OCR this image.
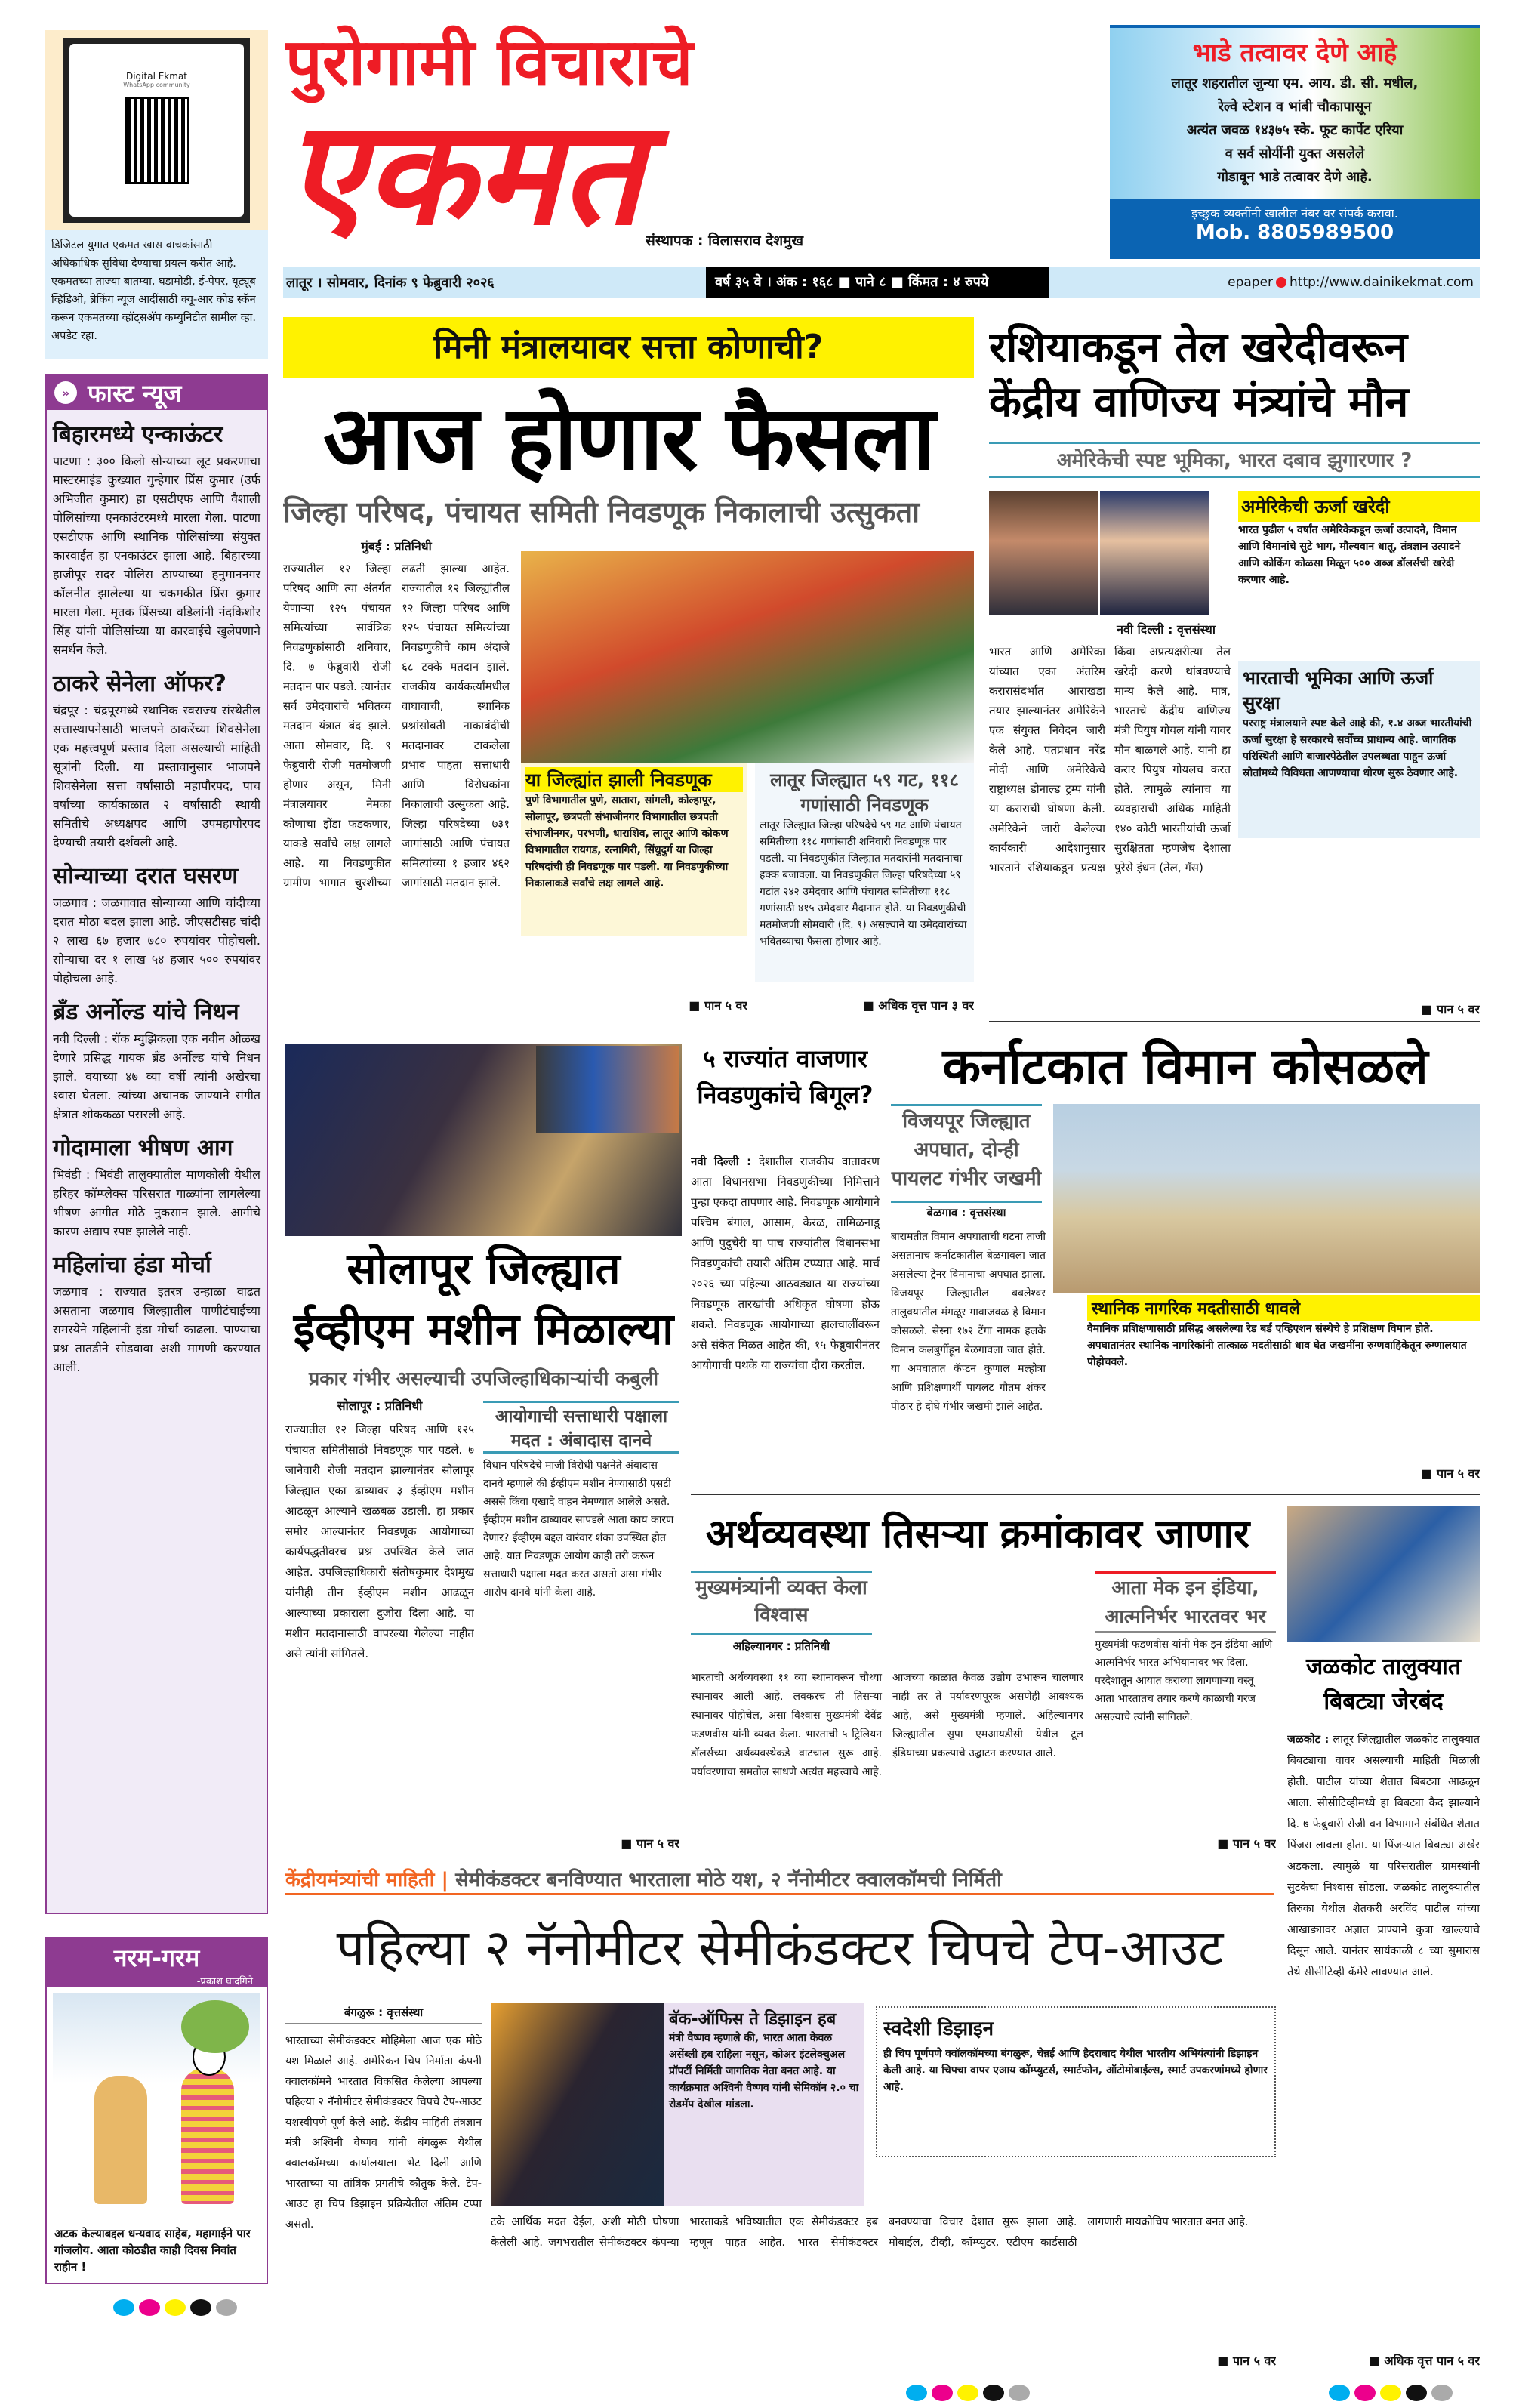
Digital Ekmat
WhatsApp community
डिजिटल युगात एकमत खास वाचकांसाठी अधिकाधिक सुविधा देण्याचा प्रयत्न करीत आहे. एकमतच्या ताज्या बातम्या, घडामोडी, ई-पेपर, यूट्यूब व्हिडिओ, ब्रेकिंग न्यूज आदींसाठी क्यू-आर कोड स्कॅन करून एकमतच्या व्हॉट्सअ‍ॅप कम्युनिटीत सामील व्हा. अपडेट रहा.
» फास्ट न्यूज
बिहारमध्ये एन्काऊंटर

पाटणा : ३०० किलो सोन्याच्या लूट प्रकरणाचा मास्टरमाइंड कुख्यात गुन्हेगार प्रिंस कुमार (उर्फ अभिजीत कुमार) हा एसटीएफ आणि वैशाली पोलिसांच्या एनकाउंटरमध्ये मारला गेला. पाटणा एसटीएफ आणि स्थानिक पोलिसांच्या संयुक्त कारवाईत हा एनकाउंटर झाला आहे. बिहारच्या हाजीपूर सदर पोलिस ठाण्याच्या हनुमाननगर कॉलनीत झालेल्या या चकमकीत प्रिंस कुमार मारला गेला. मृतक प्रिंसच्या वडिलांनी नंदकिशोर सिंह यांनी पोलिसांच्या या कारवाईचे खुलेपणाने समर्थन केले.

ठाकरे सेनेला ऑफर?

चंद्रपूर : चंद्रपूरमध्ये स्थानिक स्वराज्य संस्थेतील सत्तास्थापनेसाठी भाजपने ठाकरेंच्या शिवसेनेला एक महत्त्वपूर्ण प्रस्ताव दिला असल्याची माहिती सूत्रांनी दिली. या प्रस्तावानुसार भाजपने शिवसेनेला सत्ता वर्षांसाठी महापौरपद, पाच वर्षांच्या कार्यकाळात २ वर्षांसाठी स्थायी समितीचे अध्यक्षपद आणि उपमहापौरपद देण्याची तयारी दर्शवली आहे.

सोन्याच्या दरात घसरण

जळगाव : जळगावात सोन्याच्या आणि चांदीच्या दरात मोठा बदल झाला आहे. जीएसटीसह चांदी २ लाख ६७ हजार ७८० रुपयांवर पोहोचली. सोन्याचा दर १ लाख ५४ हजार ५०० रुपयांवर पोहोचला आहे.

ब्रँड अर्नोल्ड यांचे निधन

नवी दिल्ली : रॉक म्युझिकला एक नवीन ओळख देणारे प्रसिद्ध गायक ब्रँड अर्नोल्ड यांचे निधन झाले. वयाच्या ४७ व्या वर्षी त्यांनी अखेरचा श्वास घेतला. त्यांच्या अचानक जाण्याने संगीत क्षेत्रात शोककळा पसरली आहे.

गोदामाला भीषण आग

भिवंडी : भिवंडी तालुक्यातील माणकोली येथील हरिहर कॉम्प्लेक्स परिसरात गाळ्यांना लागलेल्या भीषण आगीत मोठे नुकसान झाले. आगीचे कारण अद्याप स्पष्ट झालेले नाही.

महिलांचा हंडा मोर्चा

जळगाव : राज्यात इतरत्र उन्हाळा वाढत असताना जळगाव जिल्ह्यातील पाणीटंचाईच्या समस्येने महिलांनी हंडा मोर्चा काढला. पाण्याचा प्रश्न तातडीने सोडवावा अशी मागणी करण्यात आली.

नरम-गरम
-प्रकाश घादगिने
अटक केल्याबद्दल धन्यवाद साहेब, महागाईने पार गांजलोय. आता कोठडीत काही दिवस निवांत राहीन !
पुरोगामी विचाराचे
एकमत संस्थापक : विलासराव देशमुख
भाडे तत्वावर देणे आहे
लातूर शहरातील जुन्या एम. आय. डी. सी. मधील,
रेल्वे स्टेशन व भांबी चौकापासून
अत्यंत जवळ १४३७५ स्के. फूट कार्पेट एरिया
व सर्व सोयींनी युक्त असलेले
गोडावून भाडे तत्वावर देणे आहे.
इच्छुक व्यक्तींनी खालील नंबर वर संपर्क करावा.
Mob. 8805989500
लातूर । सोमवार, दिनांक ९ फेब्रुवारी २०२६	वर्ष ३५ वे । अंक : १६८ ■ पाने ८ ■ किंमत : ४ रुपये	epaper http://www.dainikekmat.com
मिनी मंत्रालयावर सत्ता कोणाची?
आज होणार फैसला
जिल्हा परिषद, पंचायत समिती निवडणूक निकालाची उत्सुकता
मुंबई : प्रतिनिधी
राज्यातील १२ जिल्हा परिषद आणि त्या अंतर्गत येणाऱ्या १२५ पंचायत समित्यांच्या सार्वत्रिक निवडणुकांसाठी शनिवार, दि. ७ फेब्रुवारी रोजी मतदान पार पडले. त्यानंतर सर्व उमेदवारांचे भवितव्य मतदान यंत्रात बंद झाले. आता सोमवार, दि. ९ फेब्रुवारी रोजी मतमोजणी होणार असून, मिनी मंत्रालयावर नेमका कोणाचा झेंडा फडकणार, याकडे सर्वांचे लक्ष लागले आहे. या निवडणुकीत ग्रामीण भागात चुरशीच्या लढती झाल्या आहेत. राज्यातील १२ जिल्ह्यांतील १२ जिल्हा परिषद आणि १२५ पंचायत समित्यांच्या निवडणुकीचे काम अंदाजे ६८ टक्के मतदान झाले. राजकीय कार्यकर्त्यांमधील वाघावाची, स्थानिक प्रश्नांसोबती नाकाबंदीची मतदानावर टाकलेला प्रभाव पाहता सत्ताधारी आणि विरोधकांना निकालाची उत्सुकता आहे. जिल्हा परिषदेच्या ७३१ जागांसाठी आणि पंचायत समित्यांच्या १ हजार ४६२ जागांसाठी मतदान झाले.
या जिल्ह्यांत झाली निवडणूक
पुणे विभागातील पुणे, सातारा, सांगली, कोल्हापूर, सोलापूर, छत्रपती संभाजीनगर विभागातील छत्रपती संभाजीनगर, परभणी, धाराशिव, लातूर आणि कोकण विभागातील रायगड, रत्नागिरी, सिंधुदुर्ग या जिल्हा परिषदांची ही निवडणूक पार पडली. या निवडणुकीच्या निकालाकडे सर्वांचे लक्ष लागले आहे.
लातूर जिल्ह्यात ५९ गट, ११८ गणांसाठी निवडणूक
लातूर जिल्ह्यात जिल्हा परिषदेचे ५९ गट आणि पंचायत समितीच्या ११८ गणांसाठी शनिवारी निवडणूक पार पडली. या निवडणुकीत जिल्ह्यात मतदारांनी मतदानाचा हक्क बजावला. या निवडणुकीत जिल्हा परिषदेच्या ५९ गटांत २४२ उमेदवार आणि पंचायत समितीच्या ११८ गणांसाठी ४१५ उमेदवार मैदानात होते. या निवडणुकीची मतमोजणी सोमवारी (दि. ९) असल्याने या उमेदवारांच्या भवितव्याचा फैसला होणार आहे.
■ पान ५ वर	■ अधिक वृत्त पान ३ वर
रशियाकडून तेल खरेदीवरून केंद्रीय वाणिज्य मंत्र्यांचे मौन
अमेरिकेची स्पष्ट भूमिका, भारत दबाव झुगारणार ?
नवी दिल्ली : वृत्तसंस्था
भारत आणि अमेरिका यांच्यात एका अंतरिम करारासंदर्भात आराखडा तयार झाल्यानंतर अमेरिकेने एक संयुक्त निवेदन जारी केले आहे. पंतप्रधान नरेंद्र मोदी आणि अमेरिकेचे राष्ट्राध्यक्ष डोनाल्ड ट्रम्प यांनी या कराराची घोषणा केली. अमेरिकेने जारी केलेल्या कार्यकारी आदेशानुसार भारताने रशियाकडून प्रत्यक्ष किंवा अप्रत्यक्षरीत्या तेल खरेदी करणे थांबवण्याचे मान्य केले आहे. मात्र, भारताचे केंद्रीय वाणिज्य मंत्री पियुष गोयल यांनी यावर मौन बाळगले आहे. यांनी हा करार पियुष गोयलच करत होते. त्यामुळे त्यांनाच या व्यवहाराची अधिक माहिती १४० कोटी भारतीयांची ऊर्जा सुरक्षितता म्हणजेच देशाला पुरेसे इंधन (तेल, गॅस)
अमेरिकेची ऊर्जा खरेदी
भारत पुढील ५ वर्षांत अमेरिकेकडून ऊर्जा उत्पादने, विमान आणि विमानांचे सुटे भाग, मौल्यवान धातू, तंत्रज्ञान उत्पादने आणि कोकिंग कोळसा मिळून ५०० अब्ज डॉलर्सची खरेदी करणार आहे.
भारताची भूमिका आणि ऊर्जा सुरक्षा
परराष्ट्र मंत्रालयाने स्पष्ट केले आहे की, १.४ अब्ज भारतीयांची ऊर्जा सुरक्षा हे सरकारचे सर्वोच्च प्राधान्य आहे. जागतिक परिस्थिती आणि बाजारपेठेतील उपलब्धता पाहून ऊर्जा स्रोतांमध्ये विविधता आणण्याचा धोरण सुरू ठेवणार आहे.
■ पान ५ वर
सोलापूर जिल्ह्यात ईव्हीएम मशीन मिळाल्या
प्रकार गंभीर असल्याची उपजिल्हाधिकाऱ्यांची कबुली
सोलापूर : प्रतिनिधी
राज्यातील १२ जिल्हा परिषद आणि १२५ पंचायत समितीसाठी निवडणूक पार पडले. ७ जानेवारी रोजी मतदान झाल्यानंतर सोलापूर जिल्ह्यात एका ढाब्यावर ३ ईव्हीएम मशीन आढळून आल्याने खळबळ उडाली. हा प्रकार समोर आल्यानंतर निवडणूक आयोगाच्या कार्यपद्धतीवरच प्रश्न उपस्थित केले जात आहेत. उपजिल्हाधिकारी संतोषकुमार देशमुख यांनीही तीन ईव्हीएम मशीन आढळून आल्याच्या प्रकाराला दुजोरा दिला आहे. या मशीन मतदानासाठी वापरल्या गेलेल्या नाहीत असे त्यांनी सांगितले.
आयोगाची सत्ताधारी पक्षाला मदत : अंबादास दानवे
विधान परिषदेचे माजी विरोधी पक्षनेते अंबादास दानवे म्हणाले की ईव्हीएम मशीन नेण्यासाठी एसटी अससे किंवा एखादे वाहन नेमण्यात आलेले असते. ईव्हीएम मशीन ढाब्यावर सापडले आता काय कारण देणार? ईव्हीएम बद्दल वारंवार शंका उपस्थित होत आहे. यात निवडणूक आयोग काही तरी करून सत्ताधारी पक्षाला मदत करत असतो असा गंभीर आरोप दानवे यांनी केला आहे.
■ पान ५ वर
५ राज्यांत वाजणार निवडणुकांचे बिगूल?
नवी दिल्ली : देशातील राजकीय वातावरण आता विधानसभा निवडणुकीच्या निमित्ताने पुन्हा एकदा तापणार आहे. निवडणूक आयोगाने पश्चिम बंगाल, आसाम, केरळ, तामिळनाडू आणि पुदुचेरी या पाच राज्यांतील विधानसभा निवडणुकांची तयारी अंतिम टप्प्यात आहे. मार्च २०२६ च्या पहिल्या आठवड्यात या राज्यांच्या निवडणूक तारखांची अधिकृत घोषणा होऊ शकते. निवडणूक आयोगाच्या हालचालींवरून असे संकेत मिळत आहेत की, १५ फेब्रुवारीनंतर आयोगाची पथके या राज्यांचा दौरा करतील.
कर्नाटकात विमान कोसळले
विजयपूर जिल्ह्यात अपघात, दोन्ही पायलट गंभीर जखमी
बेळगाव : वृत्तसंस्था
बारामतीत विमान अपघाताची घटना ताजी असतानाच कर्नाटकातील बेळगावला जात असलेल्या ट्रेनर विमानाचा अपघात झाला. विजयपूर जिल्ह्यातील बबलेश्वर तालुक्यातील मंगळूर गावाजवळ हे विमान कोसळले. सेस्ना १७२ टेंगा नामक हलके विमान कलबुर्गीहून बेळगावला जात होते. या अपघातात कॅप्टन कुणाल मल्होत्रा आणि प्रशिक्षणार्थी पायलट गौतम शंकर पीठार हे दोघे गंभीर जखमी झाले आहेत.
स्थानिक नागरिक मदतीसाठी धावले
वैमानिक प्रशिक्षणासाठी प्रसिद्ध असलेल्या रेड बर्ड एव्हिएशन संस्थेचे हे प्रशिक्षण विमान होते. अपघातानंतर स्थानिक नागरिकांनी तात्काळ मदतीसाठी धाव घेत जखमींना रुग्णवाहिकेतून रुग्णालयात पोहोचवले.
■ पान ५ वर
अर्थव्यवस्था तिसऱ्या क्रमांकावर जाणार
मुख्यमंत्र्यांनी व्यक्त केला विश्वास
अहिल्यानगर : प्रतिनिधी
भारताची अर्थव्यवस्था ११ व्या स्थानावरून चौथ्या स्थानावर आली आहे. लवकरच ती तिसऱ्या स्थानावर पोहोचेल, असा विश्वास मुख्यमंत्री देवेंद्र फडणवीस यांनी व्यक्त केला. भारताची ५ ट्रिलियन डॉलर्सच्या अर्थव्यवस्थेकडे वाटचाल सुरू आहे. पर्यावरणाचा समतोल साधणे अत्यंत महत्त्वाचे आहे. आजच्या काळात केवळ उद्योग उभारून चालणार नाही तर ते पर्यावरणपूरक असणेही आवश्यक आहे, असे मुख्यमंत्री म्हणाले. अहिल्यानगर जिल्ह्यातील सुपा एमआयडीसी येथील टूल इंडियाच्या प्रकल्पाचे उद्घाटन करण्यात आले.
आता मेक इन इंडिया, आत्मनिर्भर भारतवर भर
मुख्यमंत्री फडणवीस यांनी मेक इन इंडिया आणि आत्मनिर्भर भारत अभियानावर भर दिला. परदेशातून आयात कराव्या लागणाऱ्या वस्तू आता भारतातच तयार करणे काळाची गरज असल्याचे त्यांनी सांगितले.
■ पान ५ वर
जळकोट तालुक्यात बिबट्या जेरबंद
जळकोट : लातूर जिल्ह्यातील जळकोट तालुक्यात बिबट्याचा वावर असल्याची माहिती मिळाली होती. पाटील यांच्या शेतात बिबट्या आढळून आला. सीसीटिव्हीमध्ये हा बिबट्या कैद झाल्याने दि. ७ फेब्रुवारी रोजी वन विभागाने संबंधित शेतात पिंजरा लावला होता. या पिंजऱ्यात बिबट्या अखेर अडकला. त्यामुळे या परिसरातील ग्रामस्थांनी सुटकेचा निश्वास सोडला. जळकोट तालुक्यातील तिरुका येथील शेतकरी अरविंद पाटील यांच्या आखाड्यावर अज्ञात प्राण्याने कुत्रा खाल्ल्याचे दिसून आले. यानंतर सायंकाळी ८ च्या सुमारास तेथे सीसीटिव्ही कॅमेरे लावण्यात आले.
■ अधिक वृत्त पान ५ वर
केंद्रीयमंत्र्यांची माहिती | सेमीकंडक्टर बनविण्यात भारताला मोठे यश, २ नॅनोमीटर क्वालकॉमची निर्मिती
पहिल्या २ नॅनोमीटर सेमीकंडक्टर चिपचे टेप-आउट
बंगळुरू : वृत्तसंस्था
भारताच्या सेमीकंडक्टर मोहिमेला आज एक मोठे यश मिळाले आहे. अमेरिकन चिप निर्माता कंपनी क्वालकॉमने भारतात विकसित केलेल्या आपल्या पहिल्या २ नॅनोमीटर सेमीकंडक्टर चिपचे टेप-आउट यशस्वीपणे पूर्ण केले आहे. केंद्रीय माहिती तंत्रज्ञान मंत्री अश्विनी वैष्णव यांनी बंगळुरू येथील क्वालकॉमच्या कार्यालयाला भेट दिली आणि भारताच्या या तांत्रिक प्रगतीचे कौतुक केले. टेप-आउट हा चिप डिझाइन प्रक्रियेतील अंतिम टप्पा असतो.
बॅक-ऑफिस ते डिझाइन हब
मंत्री वैष्णव म्हणाले की, भारत आता केवळ असेंब्ली हब राहिला नसून, कोअर इंटलेक्चुअल प्रॉपर्टी निर्मिती जागतिक नेता बनत आहे. या कार्यक्रमात अश्विनी वैष्णव यांनी सेमिकॉन २.० चा रोडमॅप देखील मांडला.
स्वदेशी डिझाइन
ही चिप पूर्णपणे क्वॉलकॉमच्या बंगळुरू, चेन्नई आणि हैदराबाद येथील भारतीय अभियंत्यांनी डिझाइन केली आहे. या चिपचा वापर एआय कॉम्प्युटर्स, स्मार्टफोन, ऑटोमोबाईल्स, स्मार्ट उपकरणांमध्ये होणार आहे.
टके आर्थिक मदत देईल, अशी मोठी घोषणा केलेली आहे. जगभरातील सेमीकंडक्टर कंपन्या भारताकडे भविष्यातील एक सेमीकंडक्टर हब म्हणून पाहत आहेत. भारत सेमीकंडक्टर बनवण्याचा विचार देशात सुरू झाला आहे. मोबाईल, टीव्ही, कॉम्प्युटर, एटीएम कार्डसाठी लागणारी मायक्रोचिप भारतात बनत आहे.
■ पान ५ वर
